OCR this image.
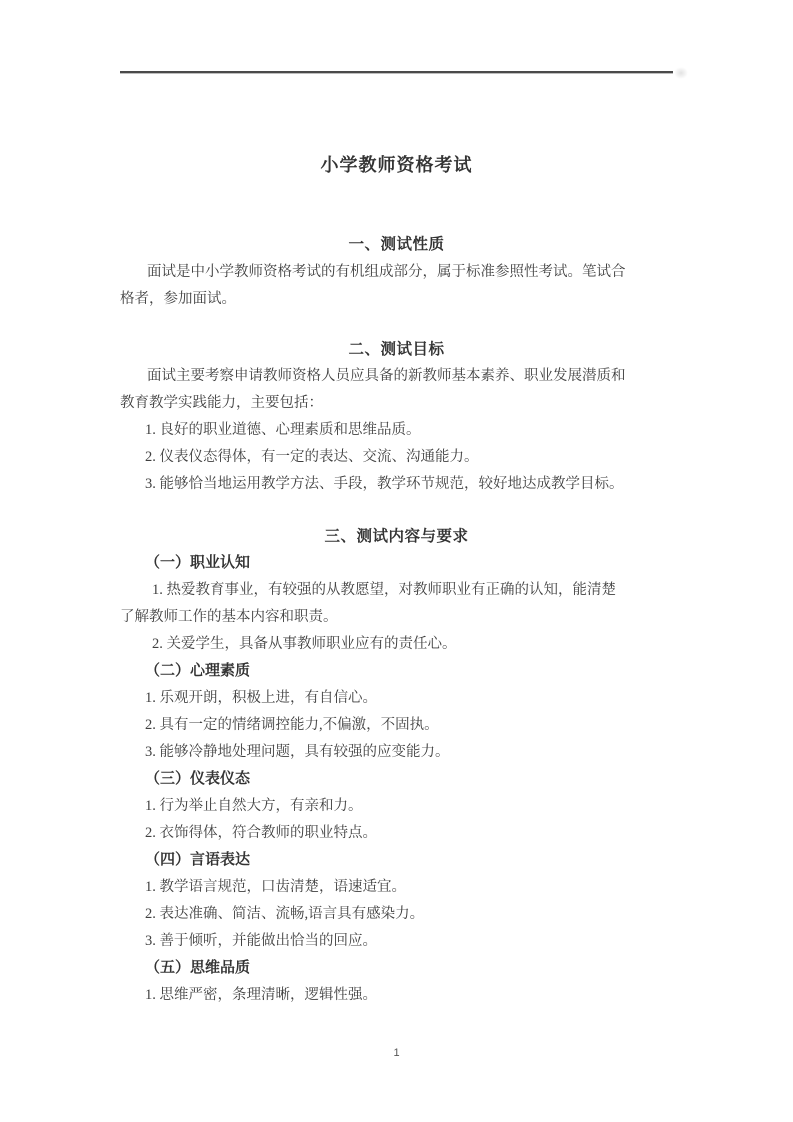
小学教师资格考试
一、测试性质
面试是中小学教师资格考试的有机组成部分，属于标准参照性考试。笔试合
格者，参加面试。
二、测试目标
面试主要考察申请教师资格人员应具备的新教师基本素养、职业发展潜质和
教育教学实践能力，主要包括：
1. 良好的职业道德、心理素质和思维品质。
2. 仪表仪态得体，有一定的表达、交流、沟通能力。
3. 能够恰当地运用教学方法、手段，教学环节规范，较好地达成教学目标。
三、测试内容与要求
（一）职业认知
1. 热爱教育事业，有较强的从教愿望，对教师职业有正确的认知，能清楚
了解教师工作的基本内容和职责。
2. 关爱学生，具备从事教师职业应有的责任心。
（二）心理素质
1. 乐观开朗，积极上进，有自信心。
2. 具有一定的情绪调控能力,不偏激，不固执。
3. 能够冷静地处理问题，具有较强的应变能力。
（三）仪表仪态
1. 行为举止自然大方，有亲和力。
2. 衣饰得体，符合教师的职业特点。
（四）言语表达
1. 教学语言规范，口齿清楚，语速适宜。
2. 表达准确、简洁、流畅,语言具有感染力。
3. 善于倾听，并能做出恰当的回应。
（五）思维品质
1. 思维严密，条理清晰，逻辑性强。
1
